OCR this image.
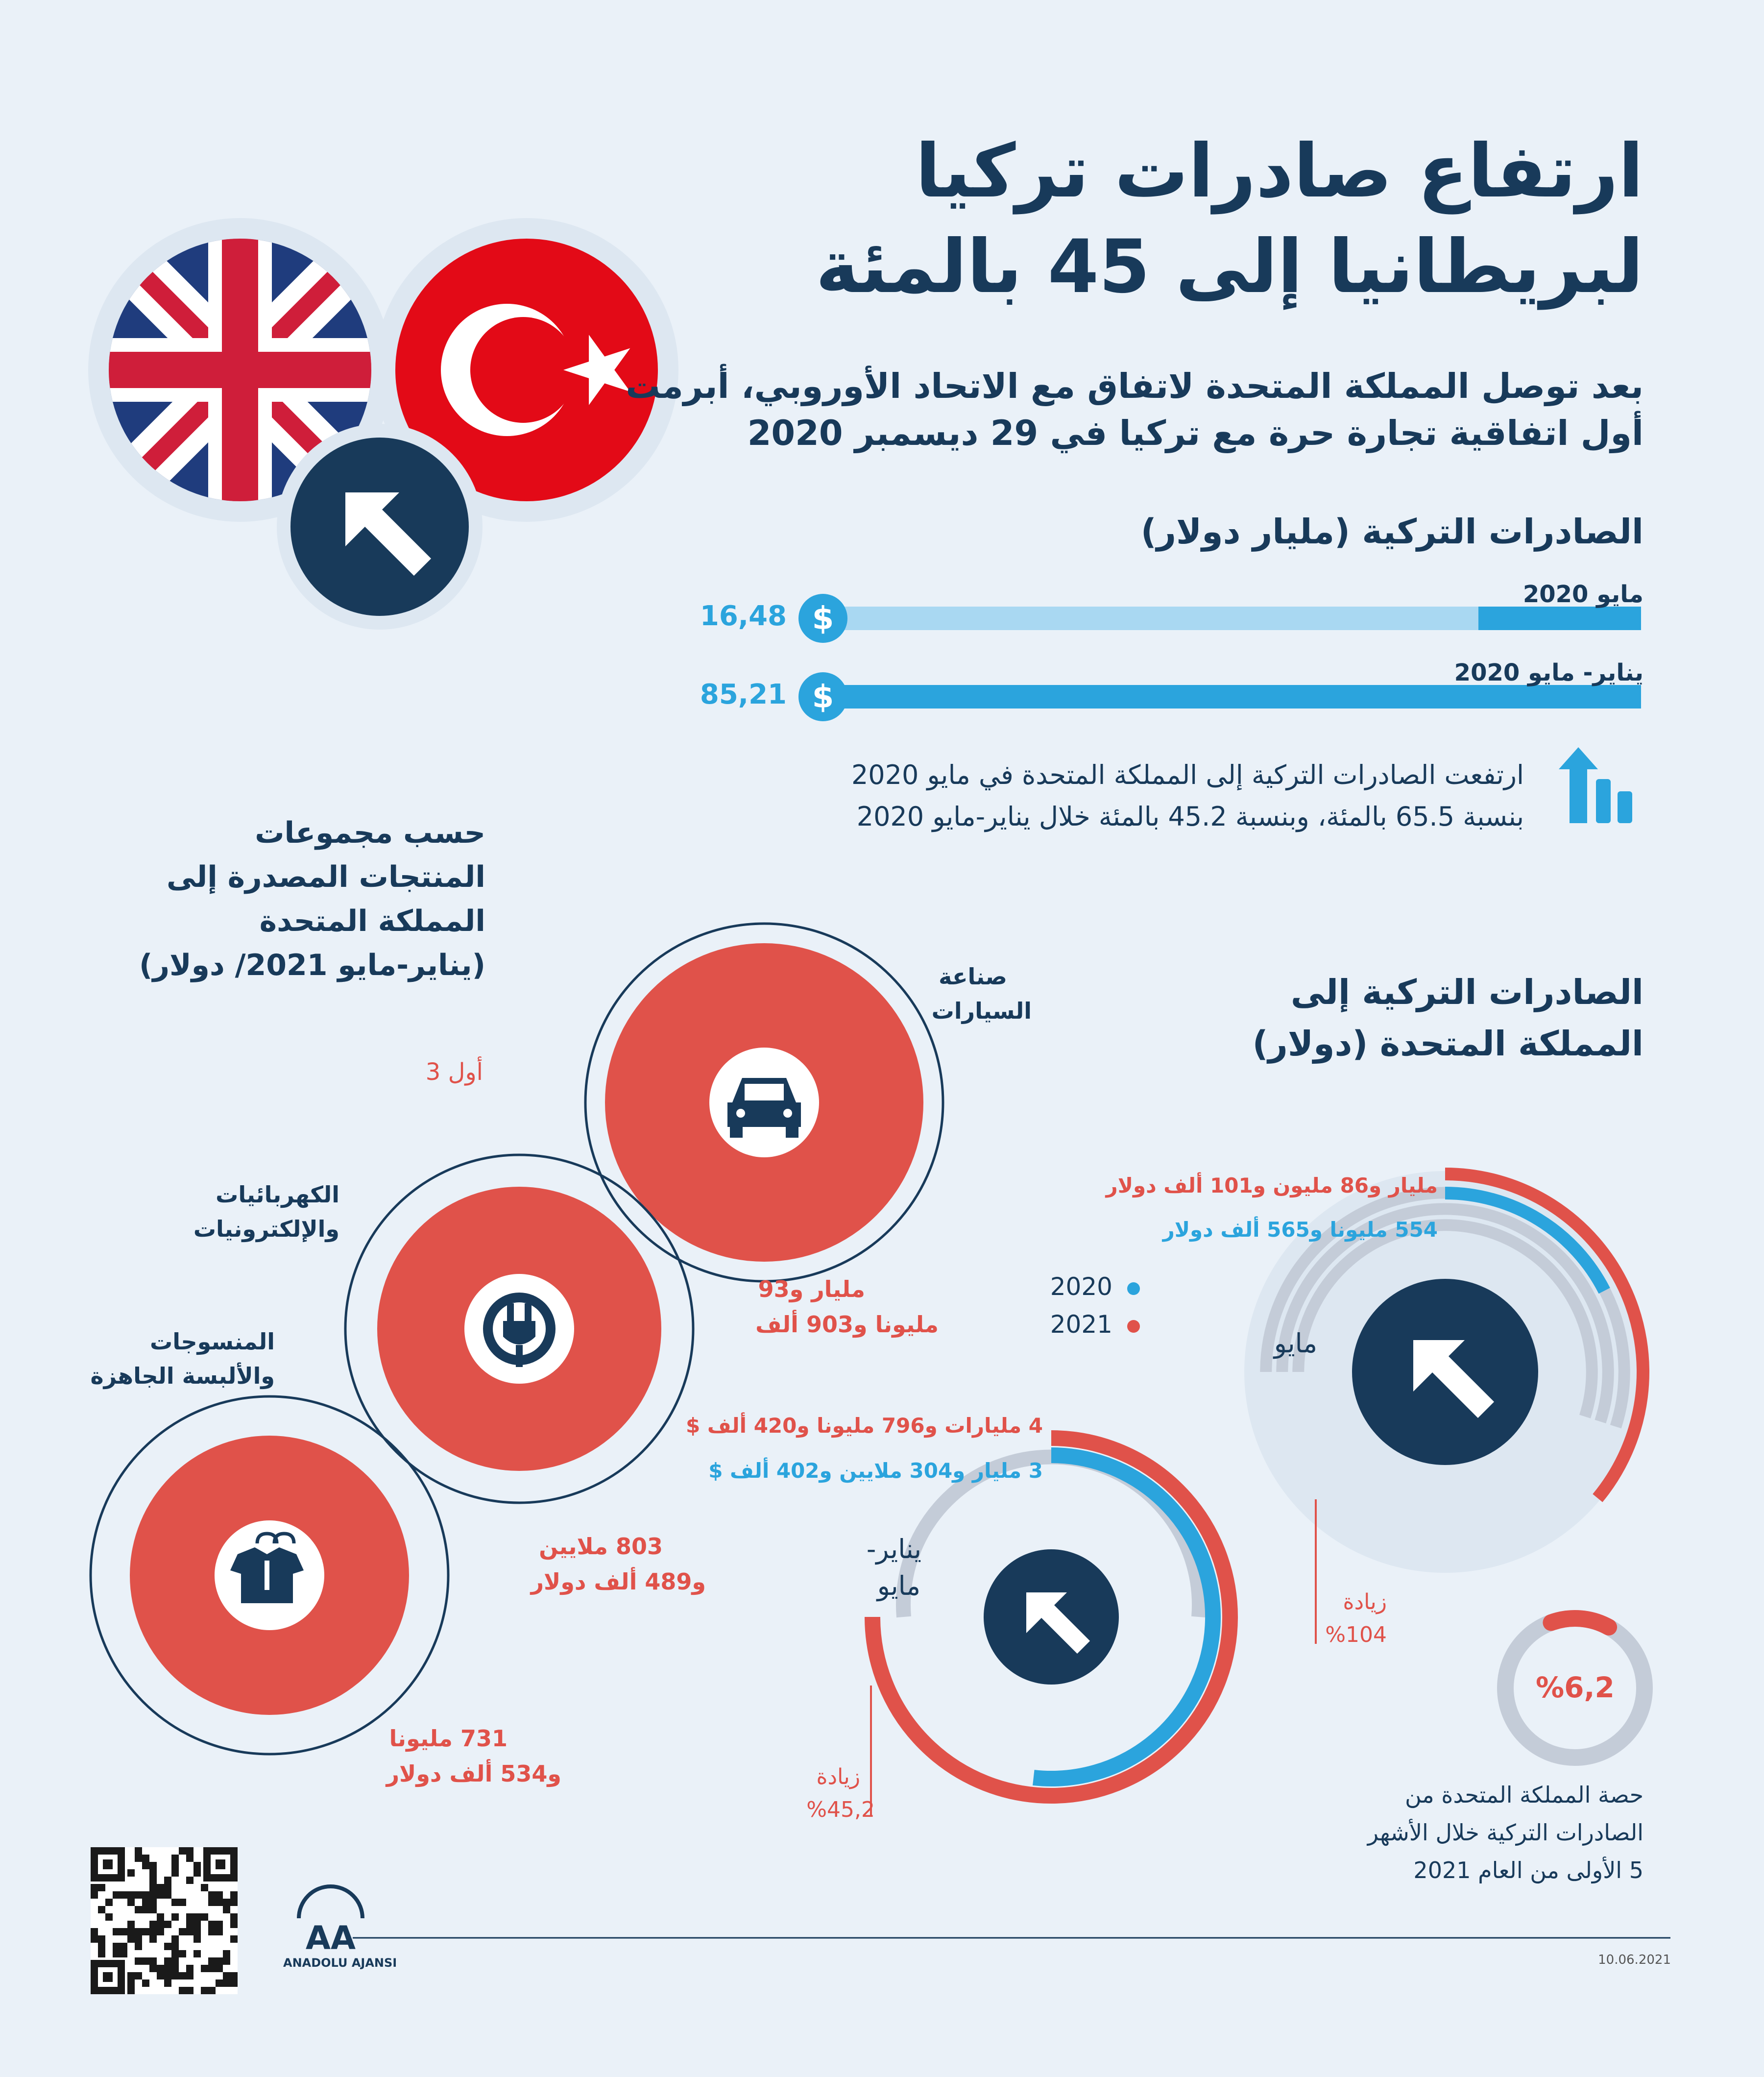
$
$
AA
ارتفاع صادرات تركيا
لبريطانيا إلى 45 بالمئة
بعد توصل المملكة المتحدة لاتفاق مع الاتحاد الأوروبي، أبرمت
أول اتفاقية تجارة حرة مع تركيا في 29 ديسمبر 2020
الصادرات التركية (مليار دولار)
مايو 2020
16,48
يناير- مايو 2020
85,21
ارتفعت الصادرات التركية إلى المملكة المتحدة في مايو 2020
بنسبة 65.5 بالمئة، وبنسبة 45.2 بالمئة خلال يناير-مايو 2020
حسب مجموعات
المنتجات المصدرة إلى
المملكة المتحدة
(يناير-مايو 2021/ دولار)
أول 3
صناعة
السيارات
مليار و93
مليونا و903 ألف
الكهربائيات
والإلكترونيات
803 ملايين
و489 ألف دولار
المنسوجات
والألبسة الجاهزة
731 مليونا
و534 ألف دولار
الصادرات التركية إلى
المملكة المتحدة (دولار)
مليار و86 مليون و101 ألف دولار
554 مليونا و565 ألف دولار
2020
2021
مايو
زيادة
%104
4 مليارات و796 مليونا و420 ألف $
3 مليار و304 ملايين و402 ألف $
يناير-
مايو
زيادة
%45,2
%6,2
حصة المملكة المتحدة من
الصادرات التركية خلال الأشهر
5 الأولى من العام 2021
ANADOLU AJANSI	10.06.2021
